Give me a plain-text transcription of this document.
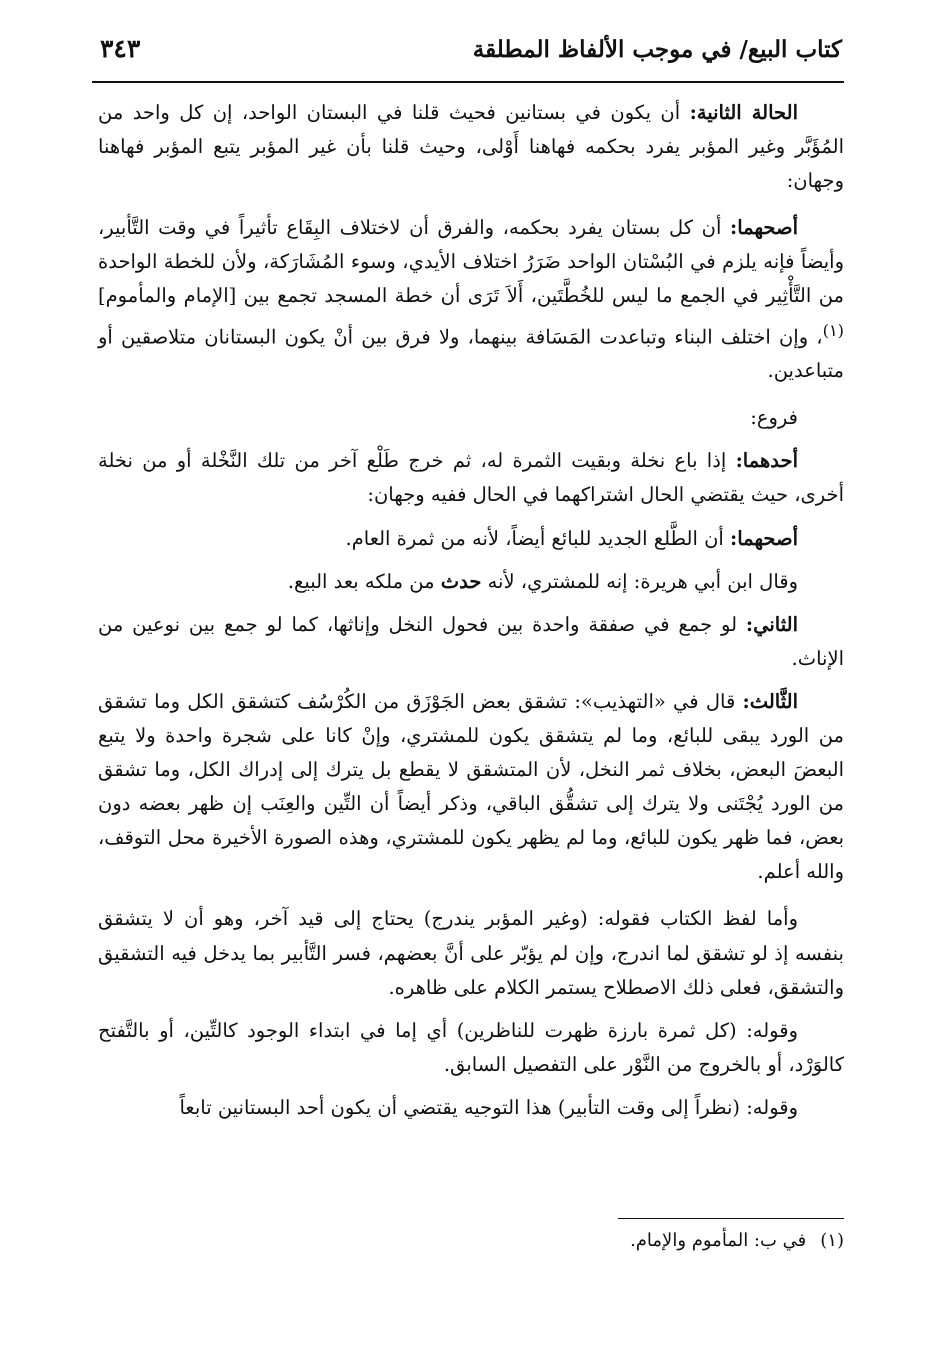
كتاب البيع/ في موجب الألفاظ المطلقة
٣٤٣

الحالة الثانية: أن يكون في بستانين فحيث قلنا في البستان الواحد، إن كل واحد من المُؤَبَّر وغير المؤبر يفرد بحكمه فهاهنا أَوْلى، وحيث قلنا بأن غير المؤبر يتبع المؤبر فهاهنا وجهان:

أصحهما: أن كل بستان يفرد بحكمه، والفرق أن لاختلاف البِقَاع تأثيراً في وقت التَّأبير، وأيضاً فإنه يلزم في البُسْتان الواحد ضَرَرُ اختلاف الأيدي، وسوء المُشَارَكة، ولأن للخطة الواحدة من التَّأْثِير في الجمع ما ليس للخُطَّتَين، أَلاَ تَرَى أن خطة المسجد تجمع بين [الإمام والمأموم]$^{(١)}$، وإن اختلف البناء وتباعدت المَسَافة بينهما، ولا فرق بين أنْ يكون البستانان متلاصقين أو متباعدين.

فروع:

أحدهما: إذا باع نخلة وبقيت الثمرة له، ثم خرج طَلْع آخر من تلك النَّخْلة أو من نخلة أخرى، حيث يقتضي الحال اشتراكهما في الحال ففيه وجهان:

أصحهما: أن الطَّلع الجديد للبائع أيضاً، لأنه من ثمرة العام.

وقال ابن أبي هريرة: إنه للمشتري، لأنه حدث من ملكه بعد البيع.

الثاني: لو جمع في صفقة واحدة بين فحول النخل وإناثها، كما لو جمع بين نوعين من الإناث.

الثَّالث: قال في «التهذيب»: تشقق بعض الجَوْزَق من الكُرْسُف كتشقق الكل وما تشقق من الورد يبقى للبائع، وما لم يتشقق يكون للمشتري، وإنْ كانا على شجرة واحدة ولا يتبع البعضَ البعض، بخلاف ثمر النخل، لأن المتشقق لا يقطع بل يترك إلى إدراك الكل، وما تشقق من الورد يُجْتَنى ولا يترك إلى تشقُّق الباقي، وذكر أيضاً أن التِّين والعِنَب إن ظهر بعضه دون بعض، فما ظهر يكون للبائع، وما لم يظهر يكون للمشتري، وهذه الصورة الأخيرة محل التوقف، والله أعلم.

وأما لفظ الكتاب فقوله: (وغير المؤبر يندرج) يحتاج إلى قيد آخر، وهو أن لا يتشقق بنفسه إذ لو تشقق لما اندرج، وإن لم يؤبّر على أنَّ بعضهم، فسر التَّأبير بما يدخل فيه التشقيق والتشقق، فعلى ذلك الاصطلاح يستمر الكلام على ظاهره.

وقوله: (كل ثمرة بارزة ظهرت للناظرين) أي إما في ابتداء الوجود كالتِّين، أو بالتَّفتح كالوَرْد، أو بالخروج من النَّوْر على التفصيل السابق.

وقوله: (نظراً إلى وقت التأبير) هذا التوجيه يقتضي أن يكون أحد البستانين تابعاً

(١)في ب: المأموم والإمام.
